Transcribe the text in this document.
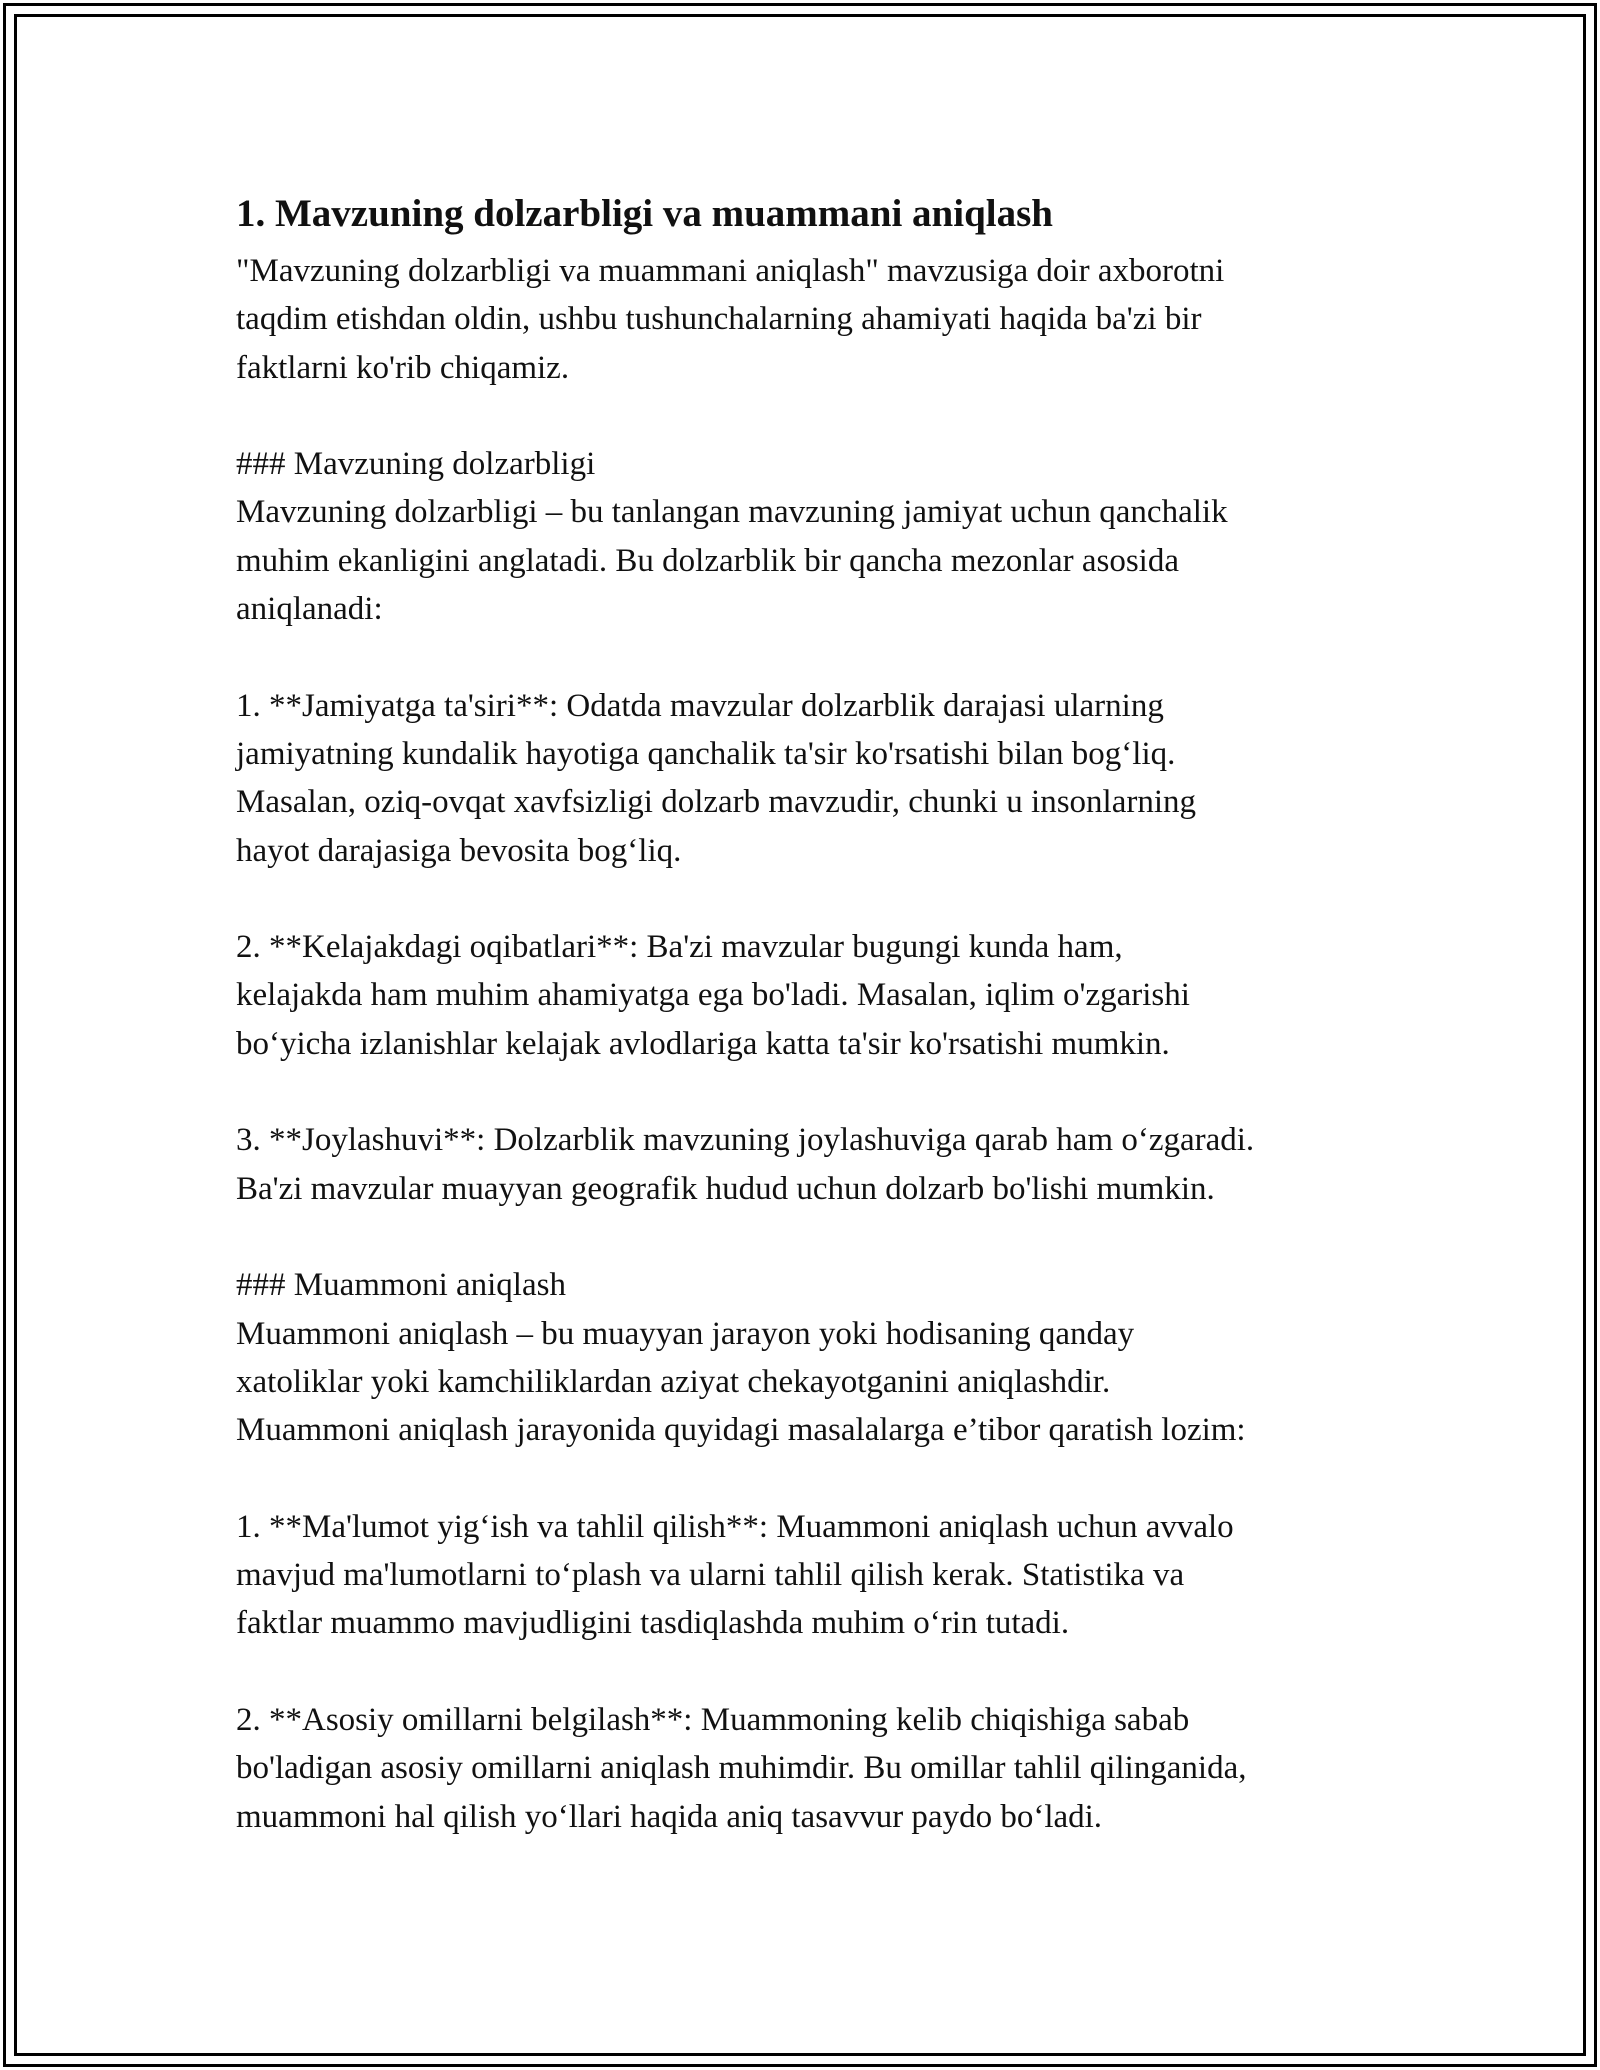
1. Mavzuning dolzarbligi va muammani aniqlash

"Mavzuning dolzarbligi va muammani aniqlash" mavzusiga doir axborotni
taqdim etishdan oldin, ushbu tushunchalarning ahamiyati haqida ba'zi bir
faktlarni ko'rib chiqamiz.

### Mavzuning dolzarbligi

Mavzuning dolzarbligi – bu tanlangan mavzuning jamiyat uchun qanchalik
muhim ekanligini anglatadi. Bu dolzarblik bir qancha mezonlar asosida
aniqlanadi:

1. **Jamiyatga ta'siri**: Odatda mavzular dolzarblik darajasi ularning
jamiyatning kundalik hayotiga qanchalik ta'sir ko'rsatishi bilan bog‘liq.
Masalan, oziq-ovqat xavfsizligi dolzarb mavzudir, chunki u insonlarning
hayot darajasiga bevosita bog‘liq.

2. **Kelajakdagi oqibatlari**: Ba'zi mavzular bugungi kunda ham,
kelajakda ham muhim ahamiyatga ega bo'ladi. Masalan, iqlim o'zgarishi
bo‘yicha izlanishlar kelajak avlodlariga katta ta'sir ko'rsatishi mumkin.

3. **Joylashuvi**: Dolzarblik mavzuning joylashuviga qarab ham o‘zgaradi.
Ba'zi mavzular muayyan geografik hudud uchun dolzarb bo'lishi mumkin.

### Muammoni aniqlash

Muammoni aniqlash – bu muayyan jarayon yoki hodisaning qanday
xatoliklar yoki kamchiliklardan aziyat chekayotganini aniqlashdir.
Muammoni aniqlash jarayonida quyidagi masalalarga e’tibor qaratish lozim:

1. **Ma'lumot yig‘ish va tahlil qilish**: Muammoni aniqlash uchun avvalo
mavjud ma'lumotlarni to‘plash va ularni tahlil qilish kerak. Statistika va
faktlar muammo mavjudligini tasdiqlashda muhim o‘rin tutadi.

2. **Asosiy omillarni belgilash**: Muammoning kelib chiqishiga sabab
bo'ladigan asosiy omillarni aniqlash muhimdir. Bu omillar tahlil qilinganida,
muammoni hal qilish yo‘llari haqida aniq tasavvur paydo bo‘ladi.
